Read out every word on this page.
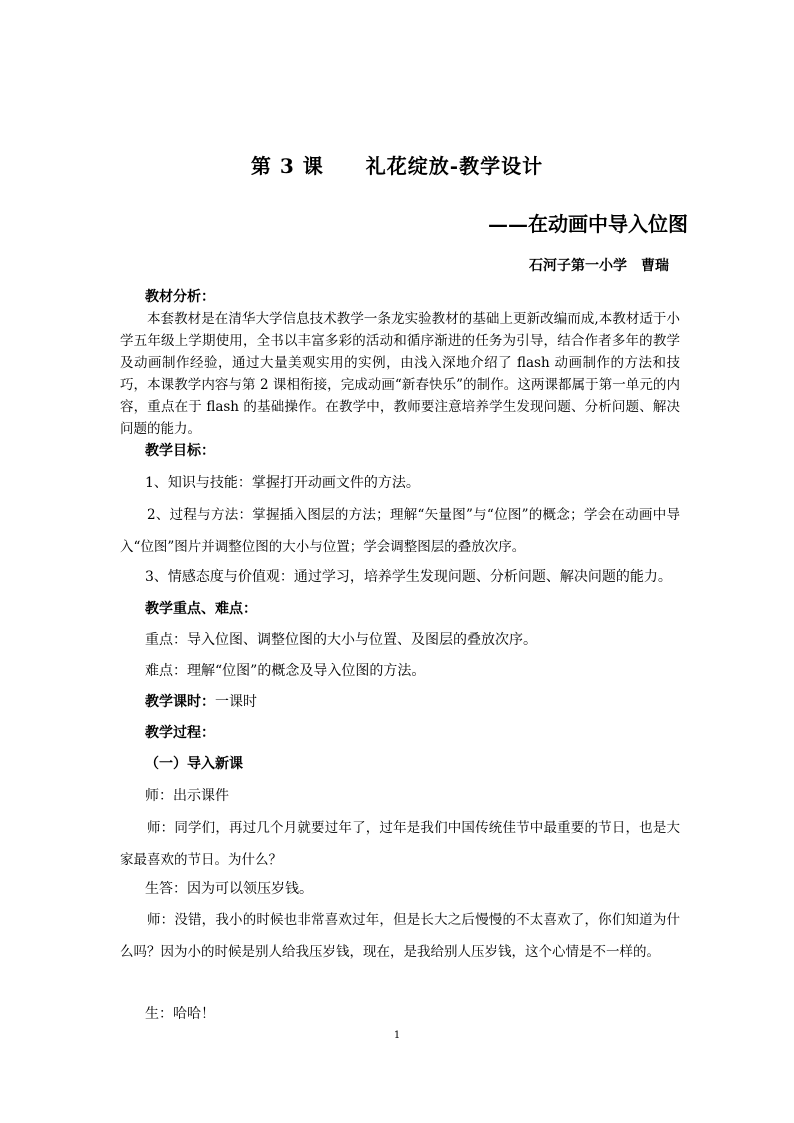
第 3 课　　礼花绽放-教学设计
——在动画中导入位图
石河子第一小学　曹瑞
教材分析：

本套教材是在清华大学信息技术教学一条龙实验教材的基础上更新改编而成,本教材适于小学五年级上学期使用，全书以丰富多彩的活动和循序渐进的任务为引导，结合作者多年的教学及动画制作经验，通过大量美观实用的实例，由浅入深地介绍了 flash 动画制作的方法和技巧，本课教学内容与第 2 课相衔接，完成动画“新春快乐”的制作。这两课都属于第一单元的内容，重点在于 flash 的基础操作。在教学中，教师要注意培养学生发现问题、分析问题、解决问题的能力。

教学目标：
1、知识与技能：掌握打开动画文件的方法。

2、过程与方法：掌握插入图层的方法；理解“矢量图”与“位图”的概念；学会在动画中导入“位图”图片并调整位图的大小与位置；学会调整图层的叠放次序。

3、情感态度与价值观：通过学习，培养学生发现问题、分析问题、解决问题的能力。
教学重点、难点：
重点：导入位图、调整位图的大小与位置、及图层的叠放次序。
难点：理解“位图”的概念及导入位图的方法。
教学课时：一课时
教学过程：
（一）导入新课
师：出示课件

师：同学们，再过几个月就要过年了，过年是我们中国传统佳节中最重要的节日，也是大家最喜欢的节日。为什么？

生答：因为可以领压岁钱。

师：没错，我小的时候也非常喜欢过年，但是长大之后慢慢的不太喜欢了，你们知道为什么吗？因为小的时候是别人给我压岁钱，现在，是我给别人压岁钱，这个心情是不一样的。

生：哈哈！
1
